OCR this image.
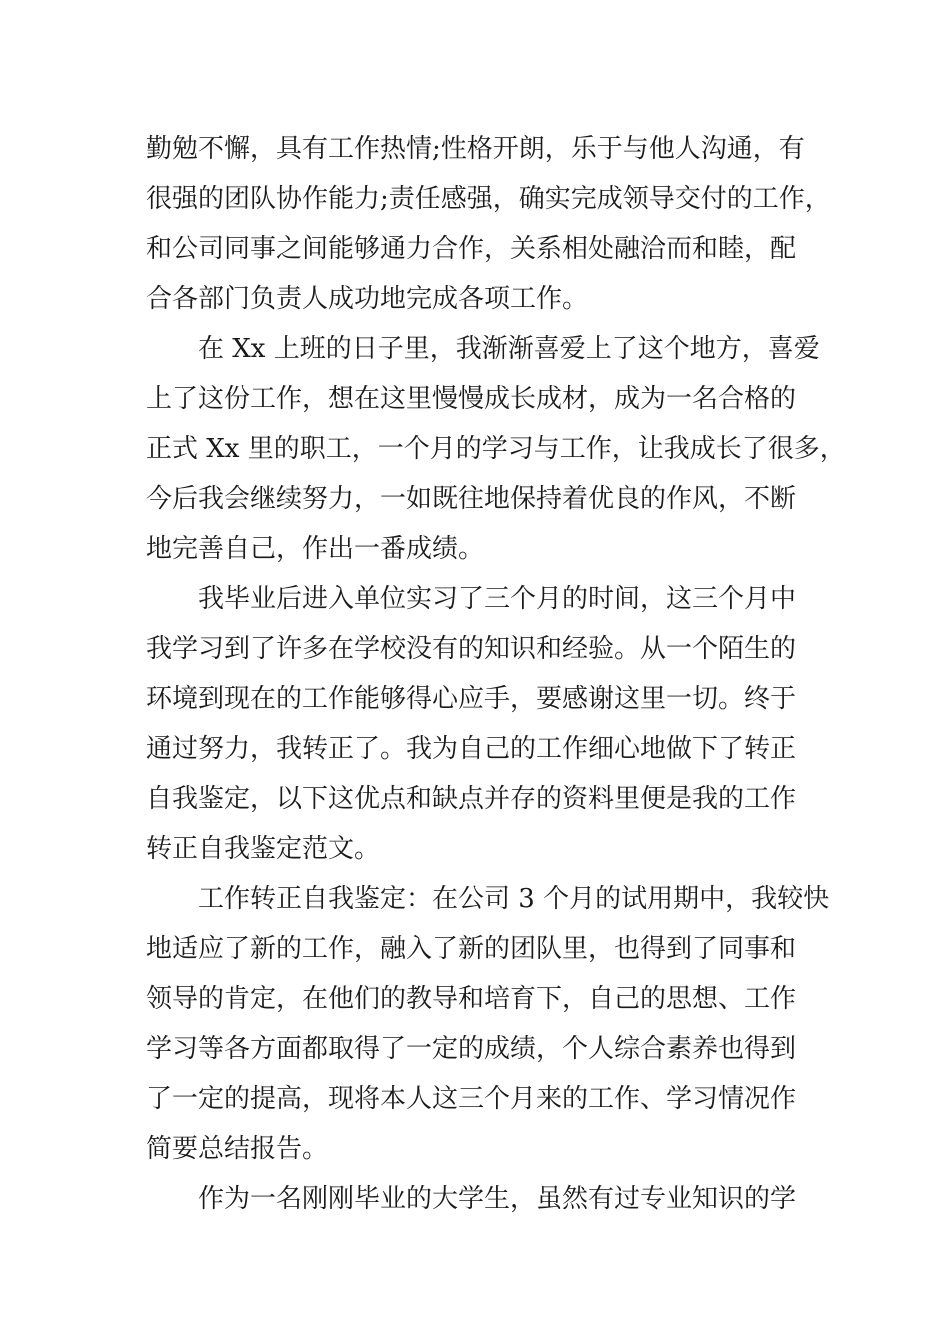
勤勉不懈，具有工作热情;性格开朗，乐于与他人沟通，有
很强的团队协作能力;责任感强，确实完成领导交付的工作，
和公司同事之间能够通力合作，关系相处融洽而和睦，配
合各部门负责人成功地完成各项工作。
在 Xx 上班的日子里，我渐渐喜爱上了这个地方，喜爱
上了这份工作，想在这里慢慢成长成材，成为一名合格的
正式 Xx 里的职工，一个月的学习与工作，让我成长了很多，
今后我会继续努力，一如既往地保持着优良的作风，不断
地完善自己，作出一番成绩。
我毕业后进入单位实习了三个月的时间，这三个月中
我学习到了许多在学校没有的知识和经验。从一个陌生的
环境到现在的工作能够得心应手，要感谢这里一切。终于
通过努力，我转正了。我为自己的工作细心地做下了转正
自我鉴定，以下这优点和缺点并存的资料里便是我的工作
转正自我鉴定范文。
工作转正自我鉴定：在公司 3 个月的试用期中，我较快
地适应了新的工作，融入了新的团队里，也得到了同事和
领导的肯定，在他们的教导和培育下，自己的思想、工作
学习等各方面都取得了一定的成绩，个人综合素养也得到
了一定的提高，现将本人这三个月来的工作、学习情况作
简要总结报告。
作为一名刚刚毕业的大学生，虽然有过专业知识的学
